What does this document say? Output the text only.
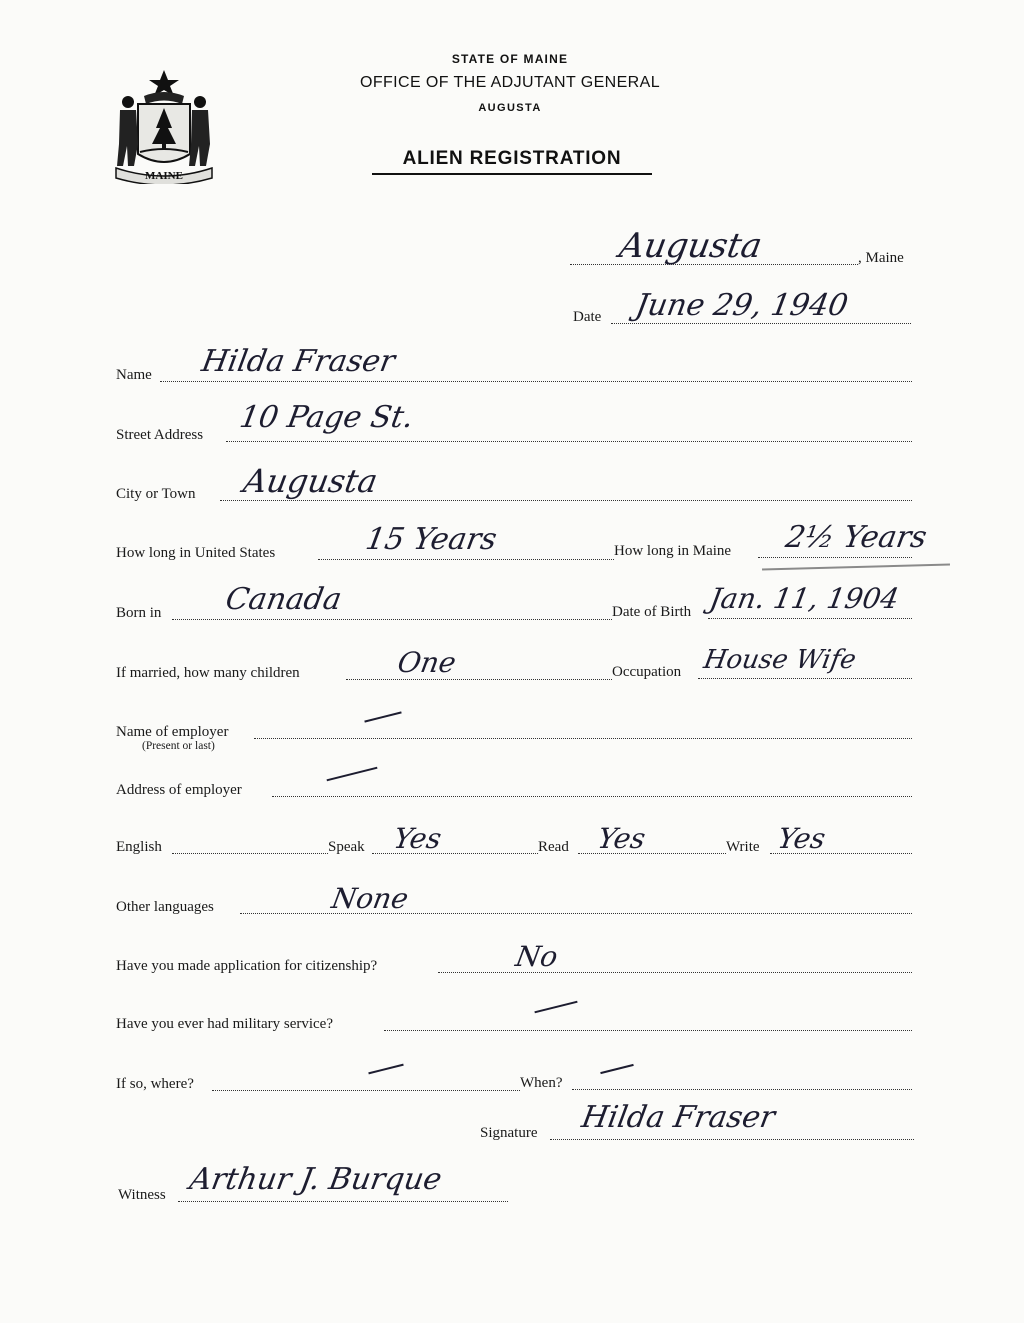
MAINE
STATE OF MAINE
OFFICE OF THE ADJUTANT GENERAL
AUGUSTA
ALIEN REGISTRATION
, Maine
Augusta
Date June 29, 1940
Name Hilda Fraser
Street Address 10 Page St.
City or Town Augusta
How long in United States	15 Years	How long in Maine 2½ Years
Born in Canada	Date of Birth Jan. 11, 1904
If married, how many children	One	Occupation House Wife
Name of employer
(Present or last)
Address of employer
English	Speak Yes	Read Yes	Write Yes
Other languages	None
Have you made application for citizenship?	No
Have you ever had military service?
If so, where?	When?
Signature Hilda Fraser
Witness Arthur J. Burque
